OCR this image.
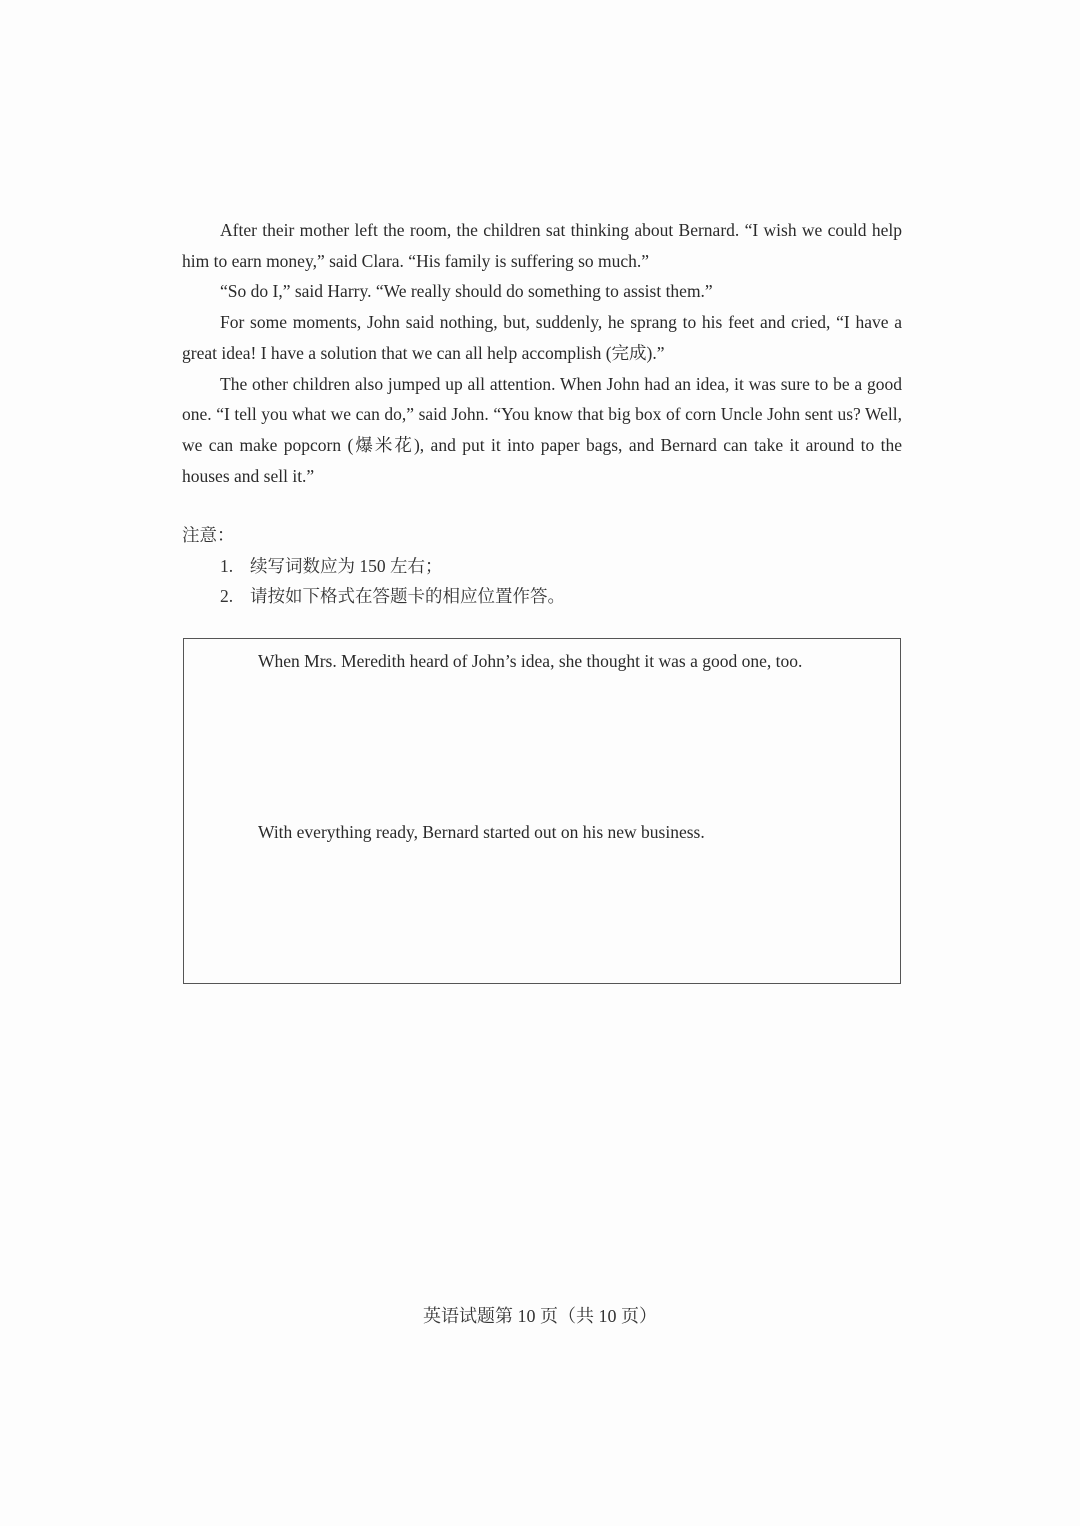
After their mother left the room, the children sat thinking about Bernard. “I wish we could help him to earn money,” said Clara. “His family is suffering so much.”

“So do I,” said Harry. “We really should do something to assist them.”

For some moments, John said nothing, but, suddenly, he sprang to his feet and cried, “I have a great idea! I have a solution that we can all help accomplish (完成).”

The other children also jumped up all attention. When John had an idea, it was sure to be a good one. “I tell you what we can do,” said John. “You know that big box of corn Uncle John sent us? Well, we can make popcorn (爆米花), and put it into paper bags, and Bernard can take it around to the houses and sell it.”

注意：

1. 续写词数应为 150 左右；
2. 请按如下格式在答题卡的相应位置作答。

When Mrs. Meredith heard of John’s idea, she thought it was a good one, too.

With everything ready, Bernard started out on his new business.

英语试题第 10 页（共 10 页）
